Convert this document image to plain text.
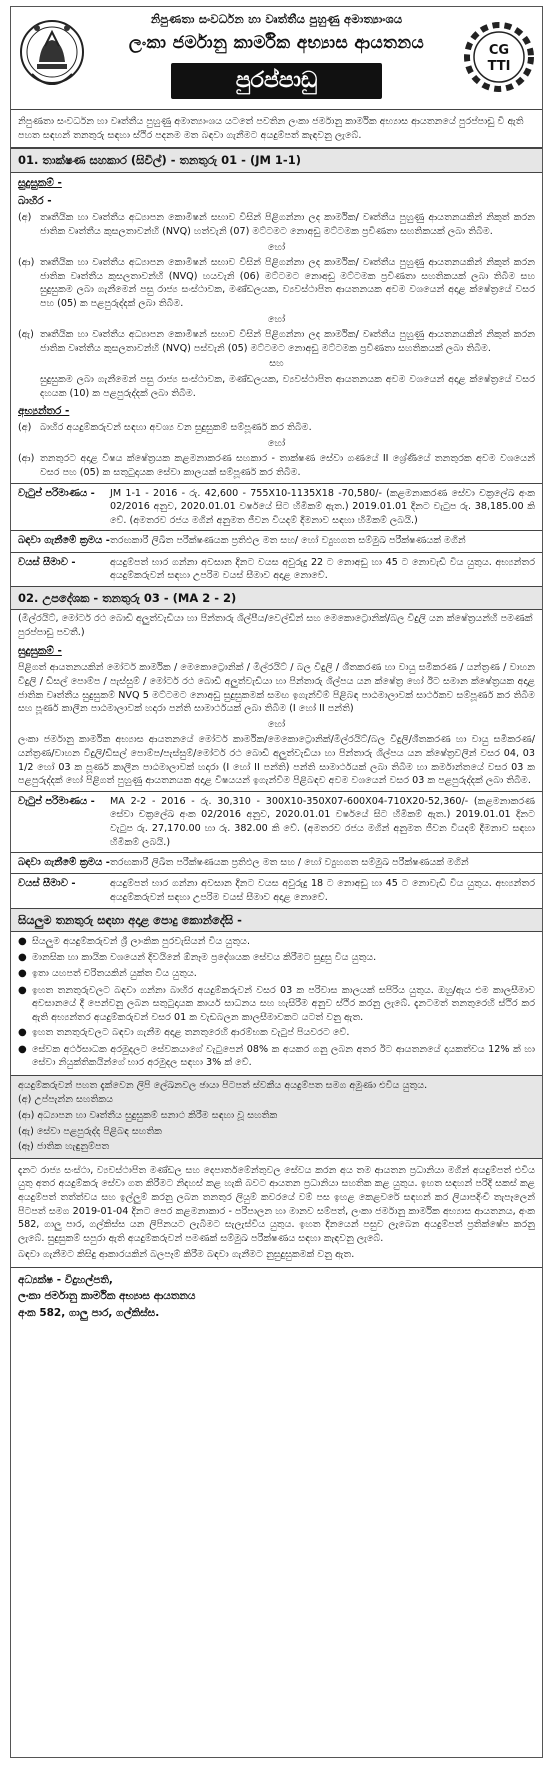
නිපුණතා සංවර්ධන හා වෘත්තීය පුහුණු අමාත්‍යාංශය
ලංකා ජර්මානු කාර්මික අභ්‍යාස ආයතනය
පුරප්පාඩු
CG
TTI
නිපුණතා සංවර්ධන හා වෘත්තීය පුහුණු අමාත්‍යාංශය යටතේ පවතින ලංකා ජර්මානු කාර්මික අභ්‍යාස ආයතනයේ පුරප්පාඩු වී ඇති පහත සඳහන් තනතුරු සඳහා ස්ථිර පදනම මත බඳවා ගැනීමට අයදුම්පත් කැඳවනු ලැබේ.
01. තාක්ෂණ සහකාර (සිවිල්) - තනතුරු 01 - (JM 1-1)
සුදුසුකම් -
බාහිර -
(අ) තෘතීයික හා වෘත්තීය අධ්‍යාපන කොමිෂන් සභාව විසින් පිළිගන්නා ලද කාර්මික/ වෘත්තීය පුහුණු ආයතනයකින් නිකුත් කරන ජාතික වෘත්තීය කුසලතාවන්හි (NVQ) හත්වැනි (07) මට්ටමට නොඅඩු මට්ටමක ප්‍රවීණතා සහතිකයක් ලබා තිබීම.
හෝ
(ආ) තෘතීයික හා වෘත්තීය අධ්‍යාපන කොමිෂන් සභාව විසින් පිළිගන්නා ලද කාර්මික/ වෘත්තීය පුහුණු ආයතනයකින් නිකුත් කරන ජාතික වෘත්තීය කුසලතාවන්හි (NVQ) හයවැනි (06) මට්ටමට නොඅඩු මට්ටමක ප්‍රවීණතා සහතිකයක් ලබා තිබීම සහ සුදුසුකම ලබා ගැනීමෙන් පසු රාජ්‍ය සංස්ථාවක, මණ්ඩලයක, ව්‍යවස්ථාපිත ආයතනයක අවම වශයෙන් අදාළ ක්ෂේත්‍රයේ වසර පහ (05) ක පළපුරුද්දක් ලබා තිබීම.
හෝ
(ඇ) තෘතීයික හා වෘත්තීය අධ්‍යාපන කොමිෂන් සභාව විසින් පිළිගන්නා ලද කාර්මික/ වෘත්තීය පුහුණු ආයතනයකින් නිකුත් කරන ජාතික වෘත්තීය කුසලතාවන්හි (NVQ) පස්වැනි (05) මට්ටමට නොඅඩු මට්ටමක ප්‍රවීණතා සහතිකයක් ලබා තිබීම.
සහ
සුදුසුකම ලබා ගැනීමෙන් පසු රාජ්‍ය සංස්ථාවක, මණ්ඩලයක, ව්‍යවස්ථාපිත ආයතනයක අවම වශයෙන් අදාළ ක්ෂේත්‍රයේ වසර දහයක (10) ක පළපුරුද්දක් ලබා තිබීම.
අභ්‍යන්තර -
(අ) බාහිර අයදුම්කරුවන් සඳහා අවශ්‍ය වන සුදුසුකම් සම්පූර්ණ කර තිබීම.
හෝ
(ආ) තනතුරට අදාළ විෂය ක්ෂේත්‍රයක කළමනාකරණ සහකාර - තාක්ෂණ සේවා ගණයේ II ශ්‍රේණියේ තනතුරක අවම වශයෙන් වසර පහ (05) ක සතුටුදායක සේවා කාලයක් සම්පූර්ණ කර තිබීම.
වැටුප් පරිමාණය -	JM 1-1 - 2016 - රු. 42,600 - 755X10-1135X18 -70,580/- (කළමනාකරණ සේවා චක්‍රලේඛ අංක 02/2016 අනුව, 2020.01.01 වර්ෂයේ සිට හිමිකම් ඇත.) 2019.01.01 දිනට වැටුප රු. 38,185.00 කි වේ. (අමතරව රජය මගින් අනුමත ජීවන වියදම් දීමනාව සඳහා හිමිකම් ලබයි.)
බඳවා ගැනීමේ ක්‍රමය - තරඟකාරී ලිඛිත පරීක්ෂණයක ප්‍රතිඵල මත සහ/ හෝ ව්‍යුහගත සම්මුඛ පරීක්ෂණයක් මගින්
වයස් සීමාව -	අයදුම්පත් භාර ගන්නා අවසාන දිනට වයස අවුරුදු 22 ට නොඅඩු හා 45 ට නොවැඩි විය යුතුය. අභ්‍යන්තර අයදුම්කරුවන් සඳහා උපරිම වයස් සීමාව අදාළ නොවේ.
02. උපදේශක - තනතුරු 03 - (MA 2 - 2)
(මිල්රයිට්, මෝටර් රථ බොඩි අලුත්වැඩියා හා පින්තාරු ශිල්පීය/වෙල්ඩින් සහ මෙකොට්‍රොනික්/බල විදුලි යන ක්ෂේත්‍රයන්හි පමණක් පුරප්පාඩු පවතී.)
සුදුසුකම් -
පිළිගත් ආයතනයකින් මෝටර් කාර්මික / මෙකොට්‍රොනික් / මිල්රයිට් / බල විදුලි / ශීතකරණ හා වායු සමීකරණ / යන්ත්‍රණ / වාහන විදුලි / ඩීසල් පොම්ප / පැස්සුම් / මෝටර් රථ බොඩි අලුත්වැඩියා හා පින්තාරු ශිල්පය යන ක්ෂේත්‍ර හෝ ඊට සමාන ක්ෂේත්‍රයක අදාළ ජාතික වෘත්තීය සුදුසුකම් NVQ 5 මට්ටමට නොඅඩු සුදුසුකමක් සමඟ ඉගැන්වීම් පිළිබඳ පාඨමාලාවක් සාර්ථකව සම්පූර්ණ කර තිබීම සහ පූර්ණ කාලීන පාඨමාලාවක් හදාරා පන්ති සාමාර්ථයක් ලබා තිබීම (I හෝ II පන්ති)
හෝ
ලංකා ජර්මානු කාර්මික අභ්‍යාස ආයතනයේ මෝටර් කාර්මික/මෙකොට්‍රොනික්/මිල්රයිට්/බල විදුලි/ශීතකරණ හා වායු සමීකරණ/යන්ත්‍රණ/වාහන විදුලි/ඩීසල් පොම්ප/පැස්සුම්/මෝටර් රථ බොඩි අලුත්වැඩියා හා පින්තාරු ශිල්පය යන ක්ෂේත්‍රවලින් වසර 04, 03 1/2 හෝ 03 ක පූර්ණ කාලීන පාඨමාලාවක් හදාරා (I හෝ II පන්ති) පන්ති සාමාර්ථයක් ලබා තිබීම හා කර්මාන්තයේ වසර 03 ක පළපුරුද්දක් හෝ පිළිගත් පුහුණු ආයතනයක අදාළ විෂයයන් ඉගැන්වීම පිළිබඳව අවම වශයෙන් වසර 03 ක පළපුරුද්දක් ලබා තිබීම.
වැටුප් පරිමාණය -	MA 2-2 - 2016 - රු. 30,310 - 300X10-350X07-600X04-710X20-52,360/- (කළමනාකරණ සේවා චක්‍රලේඛ අංක 02/2016 අනුව, 2020.01.01 වර්ෂයේ සිට හිමිකම් ඇත.) 2019.01.01 දිනට වැටුප රු. 27,170.00 හා රු. 382.00 කි වේ. (අමතරව රජය මගින් අනුමත ජීවන වියදම් දීමනාව සඳහා හිමිකම් ලබයි.)
බඳවා ගැනීමේ ක්‍රමය - තරඟකාරී ලිඛිත පරීක්ෂණයක ප්‍රතිඵල මත සහ / හෝ ව්‍යුහගත සම්මුඛ පරීක්ෂණයක් මගින්
වයස් සීමාව -	අයදුම්පත් භාර ගන්නා අවසාන දිනට වයස අවුරුදු 18 ට නොඅඩු හා 45 ට නොවැඩි විය යුතුය. අභ්‍යන්තර අයදුම්කරුවන් සඳහා උපරිම වයස් සීමාව අදාළ නොවේ.
සියලුම තනතුරු සඳහා අදාළ පොදු කොන්දේසි -
● සියලුම අයදුම්කරුවන් ශ්‍රී ලාංකික පුරවැසියන් විය යුතුය.
● මානසික හා කායික වශයෙන් දිවයිනේ ඕනෑම ප්‍රදේශයක සේවය කිරීමට සුදුසු විය යුතුය.
● ඉතා යහපත් චරිතයකින් යුක්ත විය යුතුය.
● ඉහත තනතුරුවලට බඳවා ගන්නා බාහිර අයදුම්කරුවන් වසර 03 ක පරිවාස කාලයක් සපිරිය යුතුය. ඔහු/ඇය එම කාලසීමාව අවසානයේ දී පෙන්වනු ලබන සතුටුදායක කාර්ය සාධනය සහ හැසිරීම අනුව ස්ථිර කරනු ලැබේ. දැනටමත් තනතුරෙහි ස්ථිර කර ඇති අභ්‍යන්තර අයදුම්කරුවන් වසර 01 ක වැඩබලන කාලසීමාවකට යටත් වනු ඇත.
● ඉහත තනතුරුවලට බඳවා ගැනීම අදාළ තනතුරෙහි ආරම්භක වැටුප් පියවරට වේ.
● සේවක අර්ථසාධක අරමුදලට සේවකයාගේ වැටුපෙන් 08% ක අයකර ගනු ලබන අතර ඊට ආයතනයේ දායකත්වය 12% ක් හා සේවා නියුක්තිකයින්ගේ භාර අරමුදල සඳහා 3% ක් වේ.
අයදුම්කරුවන් පහත දැක්වෙන ලිපි ලේඛනවල ඡායා පිටපත් ස්වකීය අයදුම්පත සමග අමුණා එවිය යුතුය.
(අ) උප්පැන්න සහතිකය
(ආ) අධ්‍යාපන හා වෘත්තීය සුදුසුකම් සනාථ කිරීම සඳහා වූ සහතික
(ඇ) සේවා පළපුරුද්ද පිළිබඳ සහතික
(ඈ) ජාතික හැඳුනුම්පත
දැනට රාජ්‍ය සංස්ථා, ව්‍යවස්ථාපිත මණ්ඩල සහ දෙපාර්තමේන්තුවල සේවය කරන අය තම ආයතන ප්‍රධානියා මගින් අයදුම්පත් එවිය යුතු අතර අයදුම්කරු සේවා ගත කිරීමට නිදහස් කළ හැකි බවට ආයතන ප්‍රධානියා සහතික කළ යුතුය. ඉහත සඳහන් පරිදි සකස් කළ අයදුම්පත් තත්ත්වය සහ ඉල්ලුම් කරනු ලබන තනතුර ලියුම් කවරයේ වම් පස ඉහළ කෙළවරේ සඳහන් කර ලියාපදිංචි තැපෑලෙන් පිටපත් සමග 2019-01-04 දිනට පෙර කළමනාකාර - පරිපාලන හා මානව සම්පත්, ලංකා ජර්මානු කාර්මික අභ්‍යාස ආයතනය, අංක 582, ගාලු පාර, ගල්කිස්ස යන ලිපිනයට ලැබීමට සැලැස්විය යුතුය. ඉහත දිනයෙන් පසුව ලැබෙන අයදුම්පත් ප්‍රතික්ෂේප කරනු ලැබේ. සුදුසුකම් සපුරා ඇති අයදුම්කරුවන් පමණක් සම්මුඛ පරීක්ෂණය සඳහා කැඳවනු ලැබේ.
බඳවා ගැනීමට කිසිදු ආකාරයකින් බලපෑම් කිරීම බඳවා ගැනීමට නුසුදුසුකමක් වනු ඇත.
අධ්‍යක්ෂ - විදුහල්පති,
ලංකා ජර්මානු කාර්මික අභ්‍යාස ආයතනය
අංක 582, ගාලු පාර, ගල්කිස්ස.
